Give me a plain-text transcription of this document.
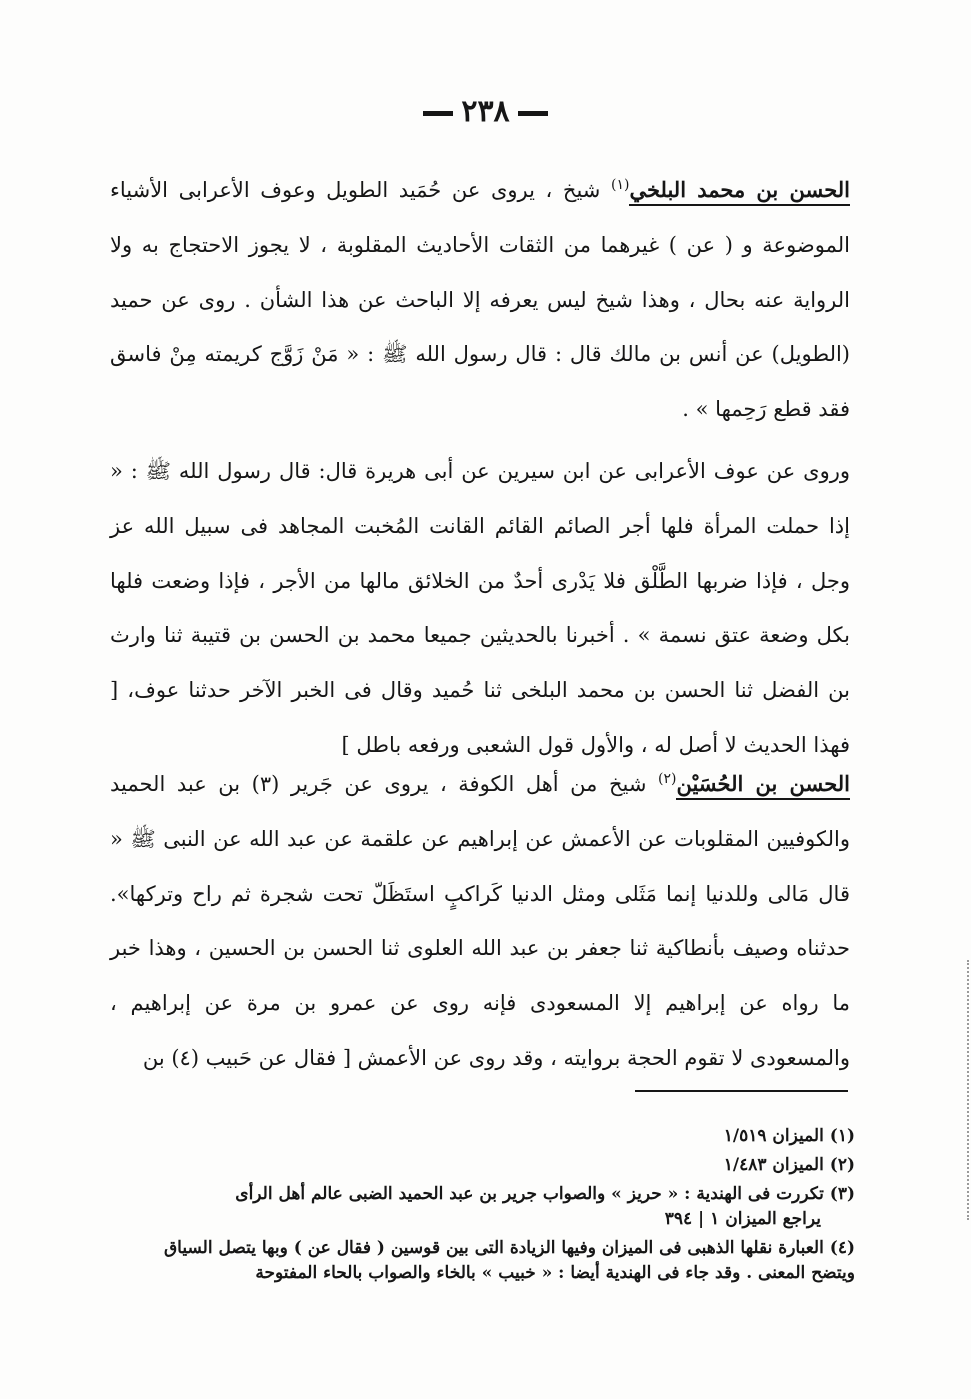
٢٣٨
الحسن بن محمد البلخي$^{(١)}$ شيخ ، يروى عن حُمَيد الطويل وعوف الأعرابى الأشياء الموضوعة و ( عن ) غيرهما من الثقات الأحاديث المقلوبة ، لا يجوز الاحتجاج به ولا الرواية عنه بحال ، وهذا شيخ ليس يعرفه إلا الباحث عن هذا الشأن . روى عن حميد (الطويل) عن أنس بن مالك قال : قال رسول الله ﷺ : « مَنْ زَوَّج كريمته مِنْ فاسق فقد قطع رَحِمها » .
وروى عن عوف الأعرابى عن ابن سيرين عن أبى هريرة قال: قال رسول الله ﷺ : « إذا حملت المرأة فلها أجر الصائم القائم القانت المُخبت المجاهد فى سبيل الله عز وجل ، فإذا ضربها الطَّلْق فلا يَدْرى أحدٌ من الخلائق مالها من الأجر ، فإذا وضعت فلها بكل وضعة عتق نسمة » . أخبرنا بالحديثين جميعا محمد بن الحسن بن قتيبة ثنا وارث بن الفضل ثنا الحسن بن محمد البلخى ثنا حُميد وقال فى الخبر الآخر حدثنا عوف، [ فهذا الحديث لا أصل له ، والأول قول الشعبى ورفعه باطل ]
الحسن بن الحُسَيْن$^{(٢)}$ شيخ من أهل الكوفة ، يروى عن جَرير (٣) بن عبد الحميد والكوفيين المقلوبات عن الأعمش عن إبراهيم عن علقمة عن عبد الله عن النبى ﷺ « قال مَالى وللدنيا إنما مَثَلى ومثل الدنيا كَراكبٍ استَظَلّ تحت شجرة ثم راح وتركها». حدثناه وصيف بأنطاكية ثنا جعفر بن عبد الله العلوى ثنا الحسن بن الحسين ، وهذا خبر ما رواه عن إبراهيم إلا المسعودى فإنه روى عن عمرو بن مرة عن إبراهيم ، والمسعودى لا تقوم الحجة بروايته ، وقد روى عن الأعمش [ فقال عن حَبيب (٤) بن

(١) الميزان ١/٥١٩

(٢) الميزان ١/٤٨٣

(٣) تكررت فى الهندية : « حريز » والصواب جرير بن عبد الحميد الضبى عالم أهل الرأى
يراجع الميزان ١ | ٣٩٤

(٤) العبارة نقلها الذهبى فى الميزان وفيها الزيادة التى بين قوسين ( فقال عن ) وبها يتصل السياق
ويتضح المعنى . وقد جاء فى الهندية أيضا : « خبيب » بالخاء والصواب بالحاء المفتوحة
